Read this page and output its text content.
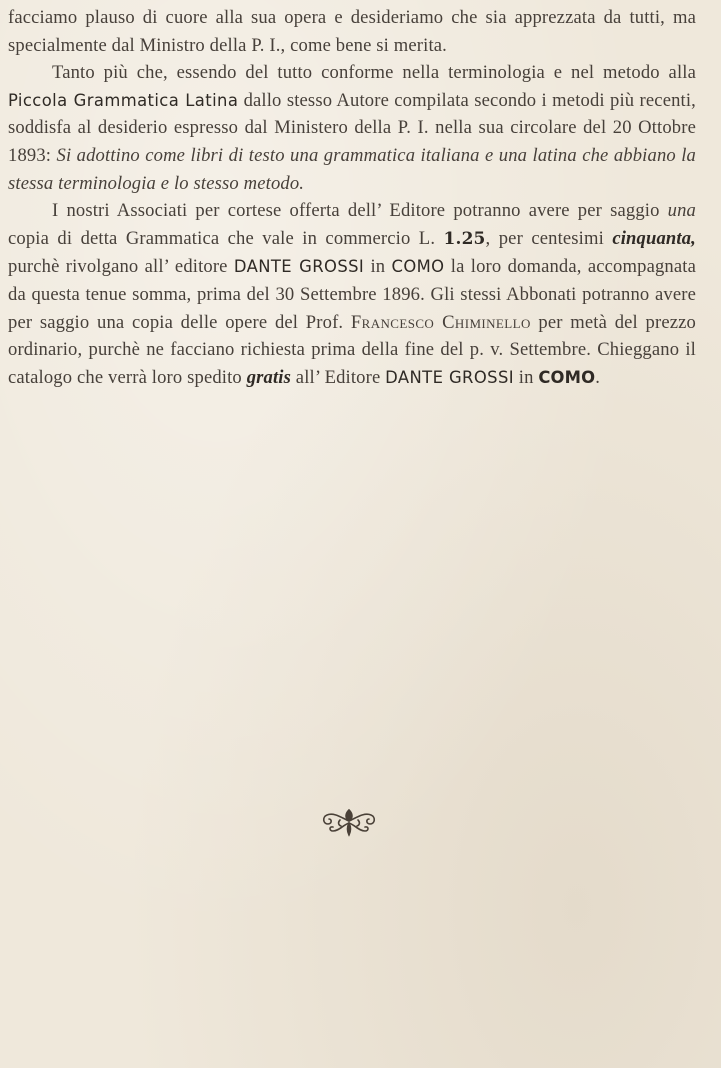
facciamo plauso di cuore alla sua opera e desideriamo che sia apprezzata da tutti, ma specialmente dal Ministro della P. I., come bene si merita.

Tanto più che, essendo del tutto conforme nella terminologia e nel metodo alla Piccola Grammatica Latina dallo stesso Autore compilata secondo i metodi più recenti, soddisfa al desiderio espresso dal Ministero della P. I. nella sua circolare del 20 Ottobre 1893: Si adottino come libri di testo una grammatica italiana e una latina che abbiano la stessa terminologia e lo stesso metodo.

I nostri Associati per cortese offerta dell’ Editore potranno avere per saggio una copia di detta Grammatica che vale in commercio L. 1.25, per centesimi cinquanta, purchè rivolgano all’ editore DANTE GROSSI in COMO la loro domanda, accompagnata da questa tenue somma, prima del 30 Settembre 1896. Gli stessi Abbonati potranno avere per saggio una copia delle opere del Prof. Francesco Chiminello per metà del prezzo ordinario, purchè ne facciano richiesta prima della fine del p. v. Settembre. Chieggano il catalogo che verrà loro spedito gratis all’ Editore DANTE GROSSI in COMO.
